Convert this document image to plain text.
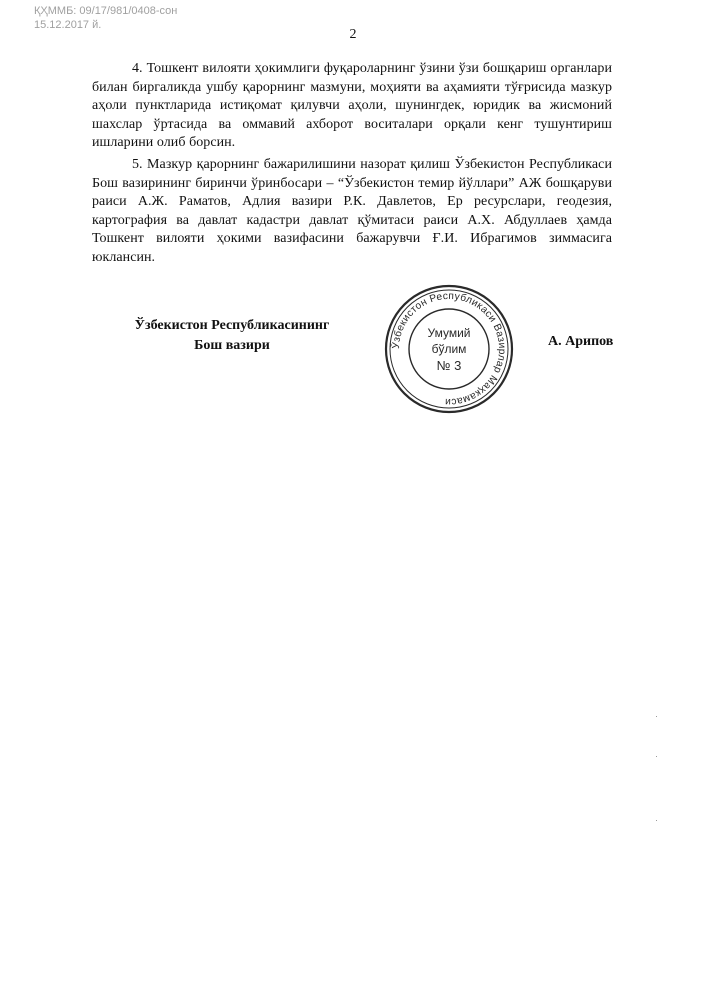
ҚҲММБ: 09/17/981/0408-сон
15.12.2017 й.
2
4. Тошкент вилояти ҳокимлиги фуқароларнинг ўзини ўзи бошқариш органлари билан биргаликда ушбу қарорнинг мазмуни, моҳияти ва аҳамияти тўғрисида мазкур аҳоли пунктларида истиқомат қилувчи аҳоли, шунингдек, юридик ва жисмоний шахслар ўртасида ва оммавий ахборот воситалари орқали кенг тушунтириш ишларини олиб борсин.
5. Мазкур қарорнинг бажарилишини назорат қилиш Ўзбекистон Республикаси Бош вазирининг биринчи ўринбосари – “Ўзбекистон темир йўллари” АЖ бошқаруви раиси А.Ж. Раматов, Адлия вазири Р.К. Давлетов, Ер ресурслари, геодезия, картография ва давлат кадастри давлат қўмитаси раиси А.Х. Абдуллаев ҳамда Тошкент вилояти ҳокими вазифасини бажарувчи Ғ.И. Ибрагимов зиммасига юклансин.
Ўзбекистон Республикасининг
Бош вазири	А. Арипов
Ўзбекистон Республикаси Вазирлар Маҳкамаси
Умумий
бўлим
№ 3
